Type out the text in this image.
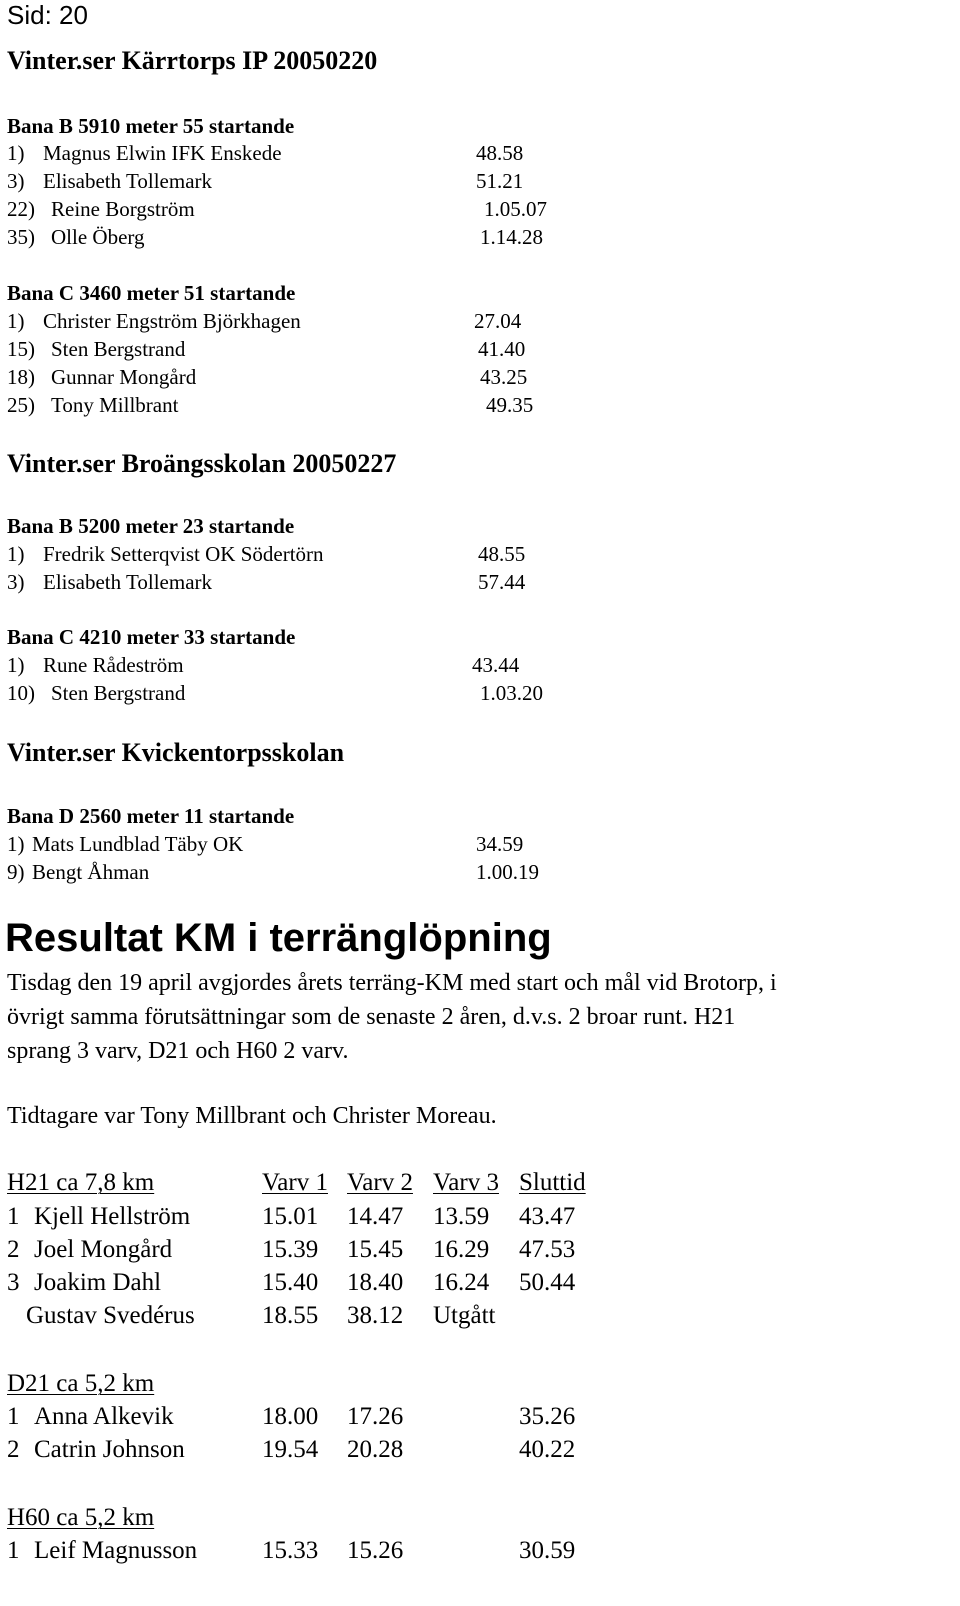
Sid: 20
Vinter.ser Kärrtorps IP 20050220
Bana B 5910 meter 55 startande
1) Magnus Elwin IFK Enskede	48.58
3) Elisabeth Tollemark	51.21
22) Reine Borgström	1.05.07
35) Olle Öberg	1.14.28
Bana C 3460 meter 51 startande
1) Christer Engström Björkhagen	27.04
15) Sten Bergstrand	41.40
18) Gunnar Mongård	43.25
25) Tony Millbrant	49.35
Vinter.ser Broängsskolan 20050227
Bana B 5200 meter 23 startande
1) Fredrik Setterqvist OK Södertörn	48.55
3) Elisabeth Tollemark	57.44
Bana C 4210 meter 33 startande
1) Rune Rådeström	43.44
10) Sten Bergstrand	1.03.20
Vinter.ser Kvickentorpsskolan
Bana D 2560 meter 11 startande
1) Mats Lundblad Täby OK	34.59
9) Bengt Åhman	1.00.19
Resultat KM i terränglöpning
Tisdag den 19 april avgjordes årets terräng-KM med start och mål vid Brotorp, i
övrigt samma förutsättningar som de senaste 2 åren, d.v.s. 2 broar runt. H21
sprang 3 varv, D21 och H60 2 varv.
Tidtagare var Tony Millbrant och Christer Moreau.
H21 ca 7,8 km	Varv 1 Varv 2 Varv 3 Sluttid
1 Kjell Hellström	15.01 14.47 13.59 43.47
2 Joel Mongård	15.39 15.45 16.29 47.53
3 Joakim Dahl	15.40 18.40 16.24 50.44
Gustav Svedérus	18.55 38.12 Utgått
D21 ca 5,2 km
1 Anna Alkevik	18.00 17.26	35.26
2 Catrin Johnson	19.54 20.28	40.22
H60 ca 5,2 km
1 Leif Magnusson	15.33 15.26	30.59
